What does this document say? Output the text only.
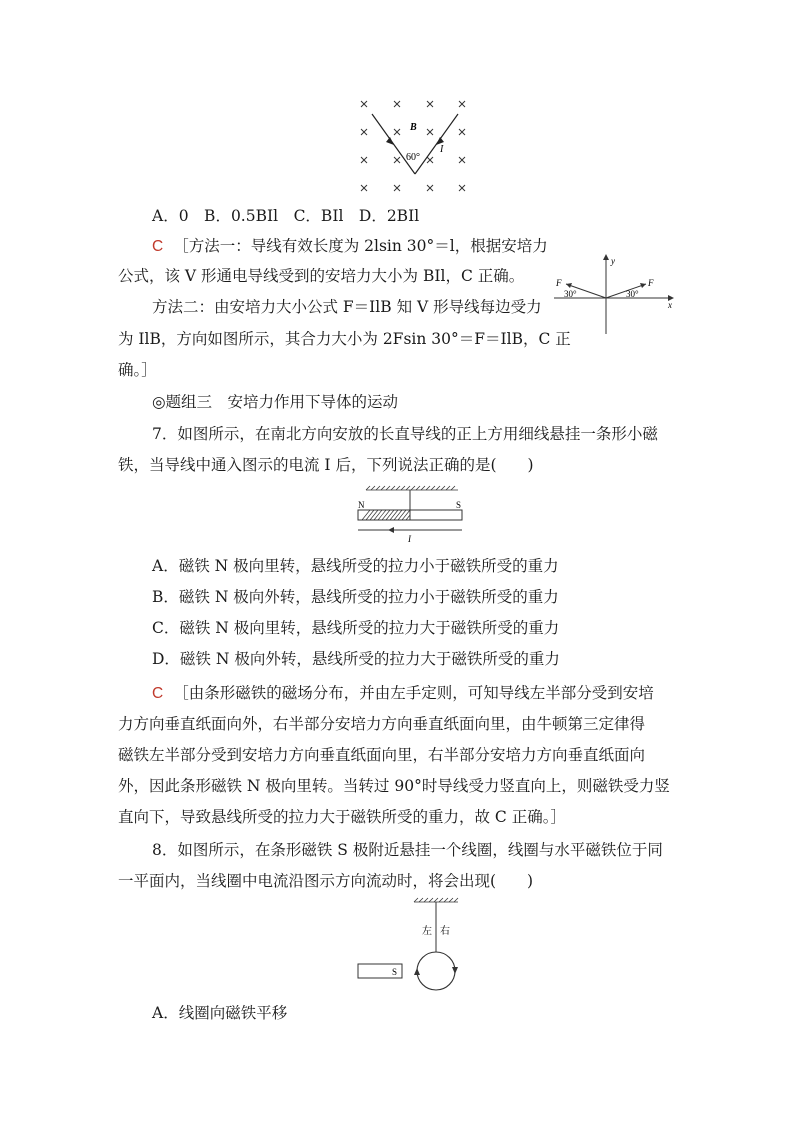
B
60°
I
A．0　B．0.5BIl　C．BIl　D．2BIl
C ［方法一：导线有效长度为 2lsin 30°＝l，根据安培力
公式，该 V 形通电导线受到的安培力大小为 BIl，C 正确。
方法二：由安培力大小公式 F＝IlB 知 V 形导线每边受力
为 IlB，方向如图所示，其合力大小为 2Fsin 30°＝F＝IlB，C 正
确。］
y
x
F	F
30°	30°
◎题组三　安培力作用下导体的运动
7．如图所示，在南北方向安放的长直导线的正上方用细线悬挂一条形小磁
铁，当导线中通入图示的电流 I 后，下列说法正确的是(　　)
N	S
I
A．磁铁 N 极向里转，悬线所受的拉力小于磁铁所受的重力
B．磁铁 N 极向外转，悬线所受的拉力小于磁铁所受的重力
C．磁铁 N 极向里转，悬线所受的拉力大于磁铁所受的重力
D．磁铁 N 极向外转，悬线所受的拉力大于磁铁所受的重力
C ［由条形磁铁的磁场分布，并由左手定则，可知导线左半部分受到安培
力方向垂直纸面向外，右半部分安培力方向垂直纸面向里，由牛顿第三定律得
磁铁左半部分受到安培力方向垂直纸面向里，右半部分安培力方向垂直纸面向
外，因此条形磁铁 N 极向里转。当转过 90°时导线受力竖直向上，则磁铁受力竖
直向下，导致悬线所受的拉力大于磁铁所受的重力，故 C 正确。］
8．如图所示，在条形磁铁 S 极附近悬挂一个线圈，线圈与水平磁铁位于同
一平面内，当线圈中电流沿图示方向流动时，将会出现(　　)
左 右
S
A．线圈向磁铁平移
